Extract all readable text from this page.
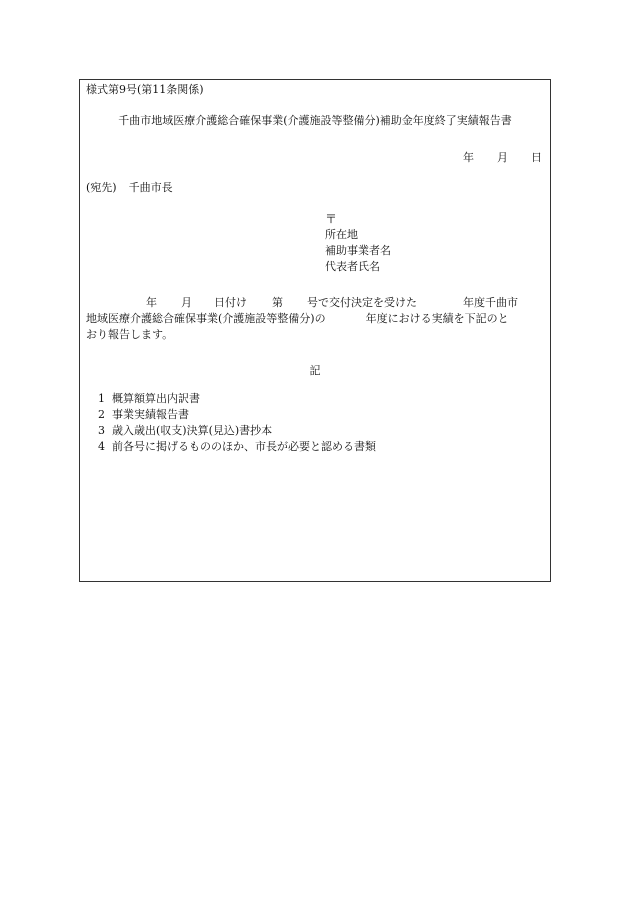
様式第9号(第11条関係)
千曲市地域医療介護総合確保事業(介護施設等整備分)補助金年度終了実績報告書
年 月 日
(宛先) 千曲市長
〒
所在地
補助事業者名
代表者氏名
年 月 日付け 第 号で交付決定を受けた	年度千曲市
地域医療介護総合確保事業(介護施設等整備分)の	年度における実績を下記のと
おり報告します。
記
1 概算額算出内訳書
2 事業実績報告書
3 歳入歳出(収支)決算(見込)書抄本
4 前各号に掲げるもののほか、市長が必要と認める書類
